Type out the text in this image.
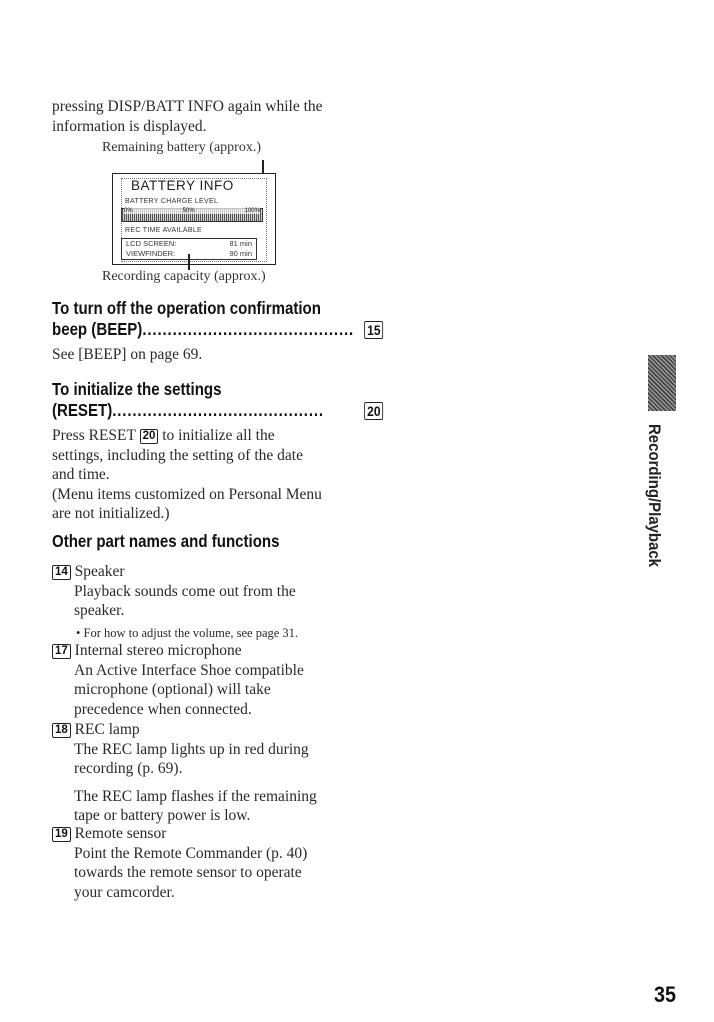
pressing DISP/BATT INFO again while the
information is displayed.
Remaining battery (approx.)
BATTERY INFO
BATTERY CHARGE LEVEL
0%	50%	100%
REC TIME AVAILABLE
LCD SCREEN:	81 min
VIEWFINDER:	90 min
Recording capacity (approx.)
To turn off the operation confirmation
beep (BEEP) .......................................... 15
See [BEEP] on page 69.
To initialize the settings
(RESET) ..........................................	20
Press RESET 20 to initialize all the
settings, including the setting of the date
and time.
(Menu items customized on Personal Menu
are not initialized.)
Other part names and functions
14 Speaker
Playback sounds come out from the
speaker.
• For how to adjust the volume, see page 31.
17 Internal stereo microphone
An Active Interface Shoe compatible
microphone (optional) will take
precedence when connected.
18 REC lamp
The REC lamp lights up in red during
recording (p. 69).
The REC lamp flashes if the remaining
tape or battery power is low.
19 Remote sensor
Point the Remote Commander (p. 40)
towards the remote sensor to operate
your camcorder.
Recording/Playback
35
